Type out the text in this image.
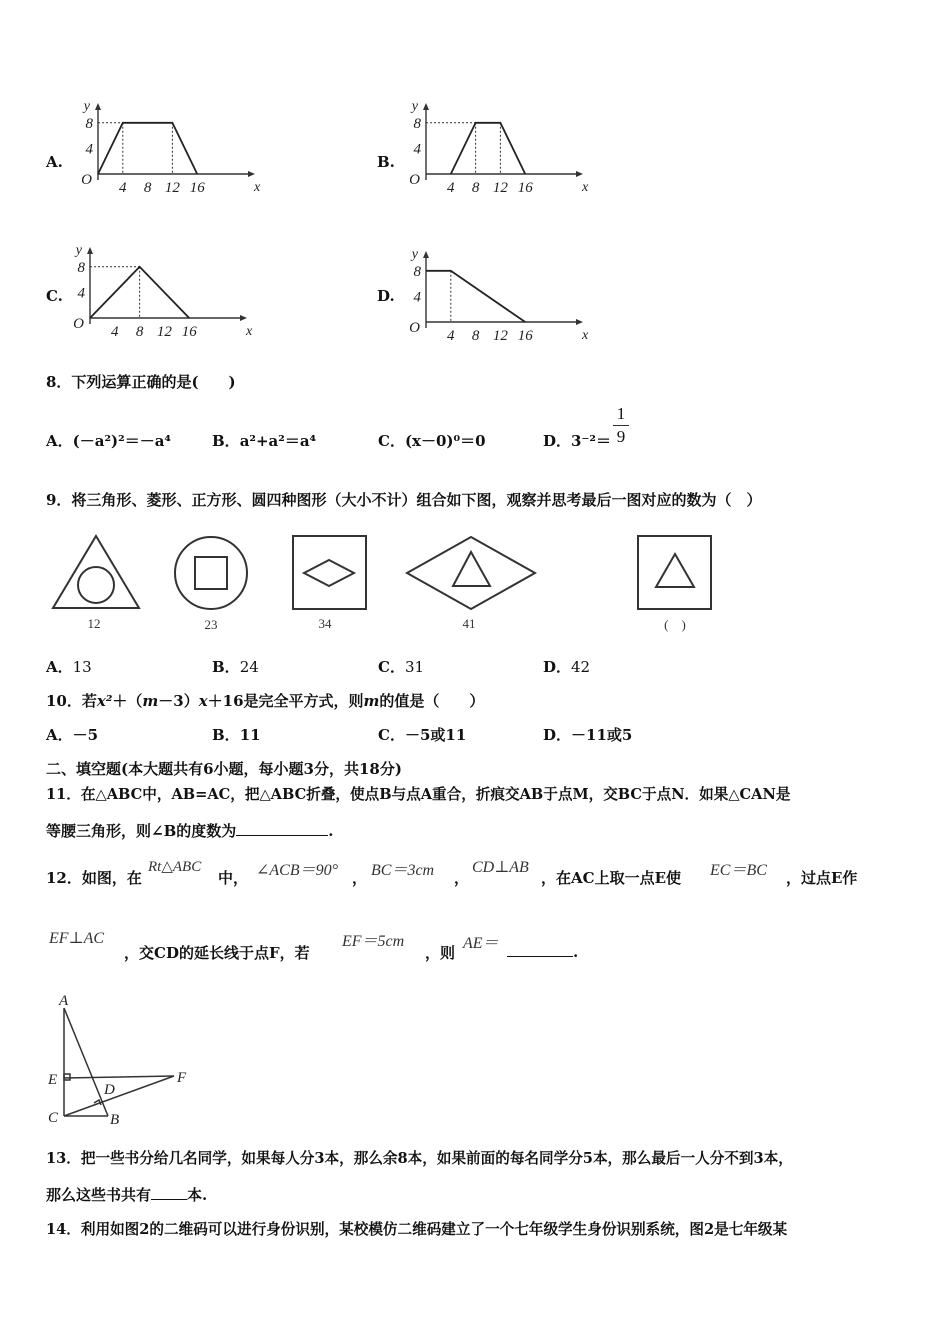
A.
4 8 12 16
4
8
O	x
y
B.
4 8 12 16
4
8
O	x
y
C.
4 8 12 16
4
8
O	x
y
D.
4 8 12 16
4
8
O	x
y
8．下列运算正确的是(　　)
A．(－a²)²＝－a⁴	B．a²+a²＝a⁴	C．(x－0)⁰＝0	D．3⁻²＝
1
9
9．将三角形、菱形、正方形、圆四种图形（大小不计）组合如下图，观察并思考最后一图对应的数为（　）
12	23	34	41	(　)
A．13	B．24	C．31	D．42
10．若x²＋（m－3）x＋16是完全平方式，则m的值是（　　）
A．－5	B．11	C．－5或11	D．－11或5
二、填空题(本大题共有6小题，每小题3分，共18分)
11．在△ABC中，AB=AC，把△ABC折叠，使点B与点A重合，折痕交AB于点M，交BC于点N．如果△CAN是
等腰三角形，则∠B的度数为	.
12．如图，在
Rt△ABC
中， ∠ACB＝90° ， BC＝3cm ，
CD⊥AB
，在AC上取一点E使 EC＝BC ，过点E作
EF⊥AC
，交CD的延长线于点F，若
EF＝5cm
，则
AE＝	.
A
E
D
F
C	B
13．把一些书分给几名同学，如果每人分3本，那么余8本，如果前面的每名同学分5本，那么最后一人分不到3本，
那么这些书共有 本.
14．利用如图2的二维码可以进行身份识别，某校模仿二维码建立了一个七年级学生身份识别系统，图2是七年级某
